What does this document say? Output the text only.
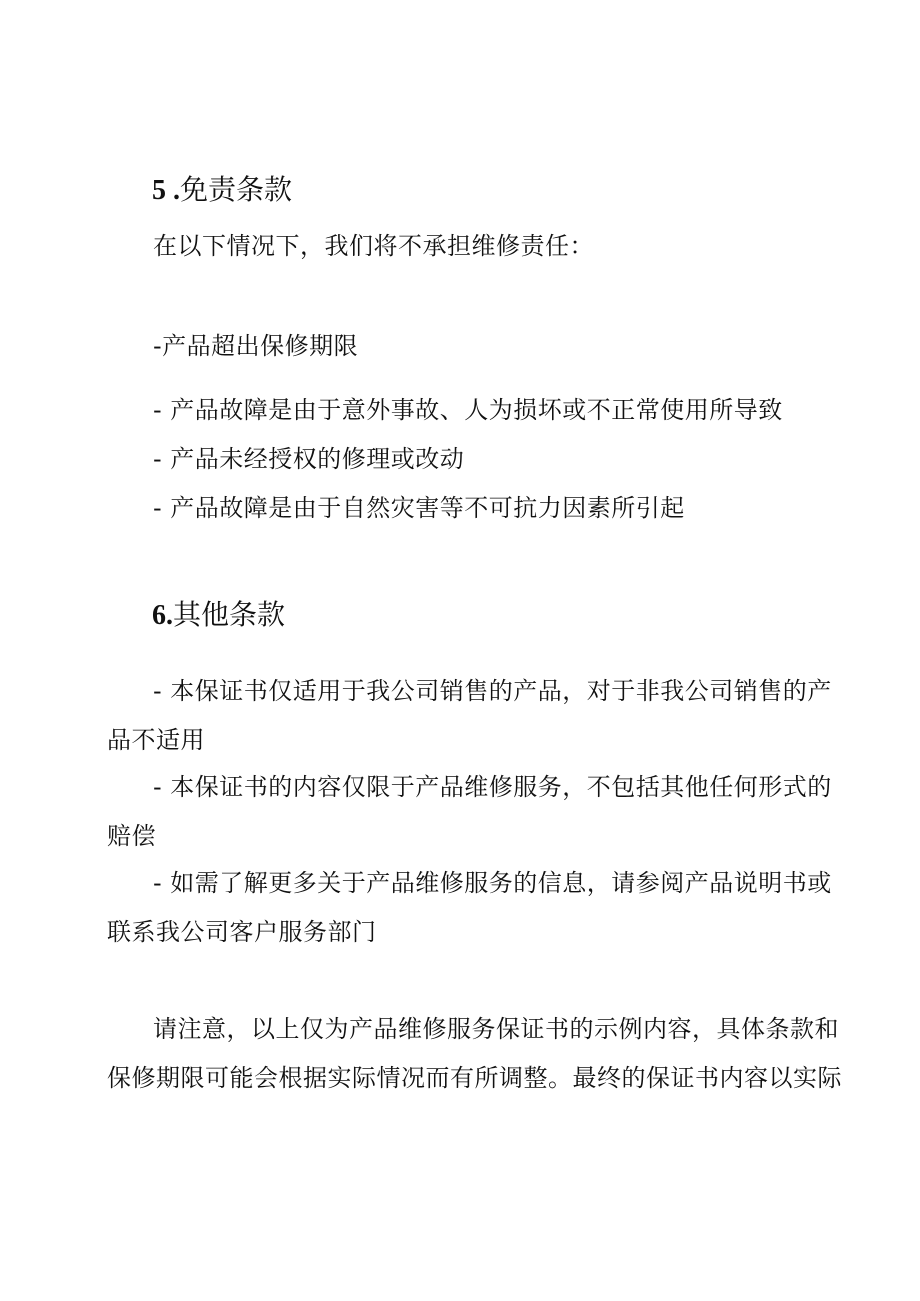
5 .免责条款
在以下情况下，我们将不承担维修责任：
-产品超出保修期限
- 产品故障是由于意外事故、人为损坏或不正常使用所导致
- 产品未经授权的修理或改动
- 产品故障是由于自然灾害等不可抗力因素所引起
6.其他条款
- 本保证书仅适用于我公司销售的产品，对于非我公司销售的产
品不适用
- 本保证书的内容仅限于产品维修服务，不包括其他任何形式的
赔偿
- 如需了解更多关于产品维修服务的信息，请参阅产品说明书或
联系我公司客户服务部门
请注意，以上仅为产品维修服务保证书的示例内容，具体条款和
保修期限可能会根据实际情况而有所调整。最终的保证书内容以实际
